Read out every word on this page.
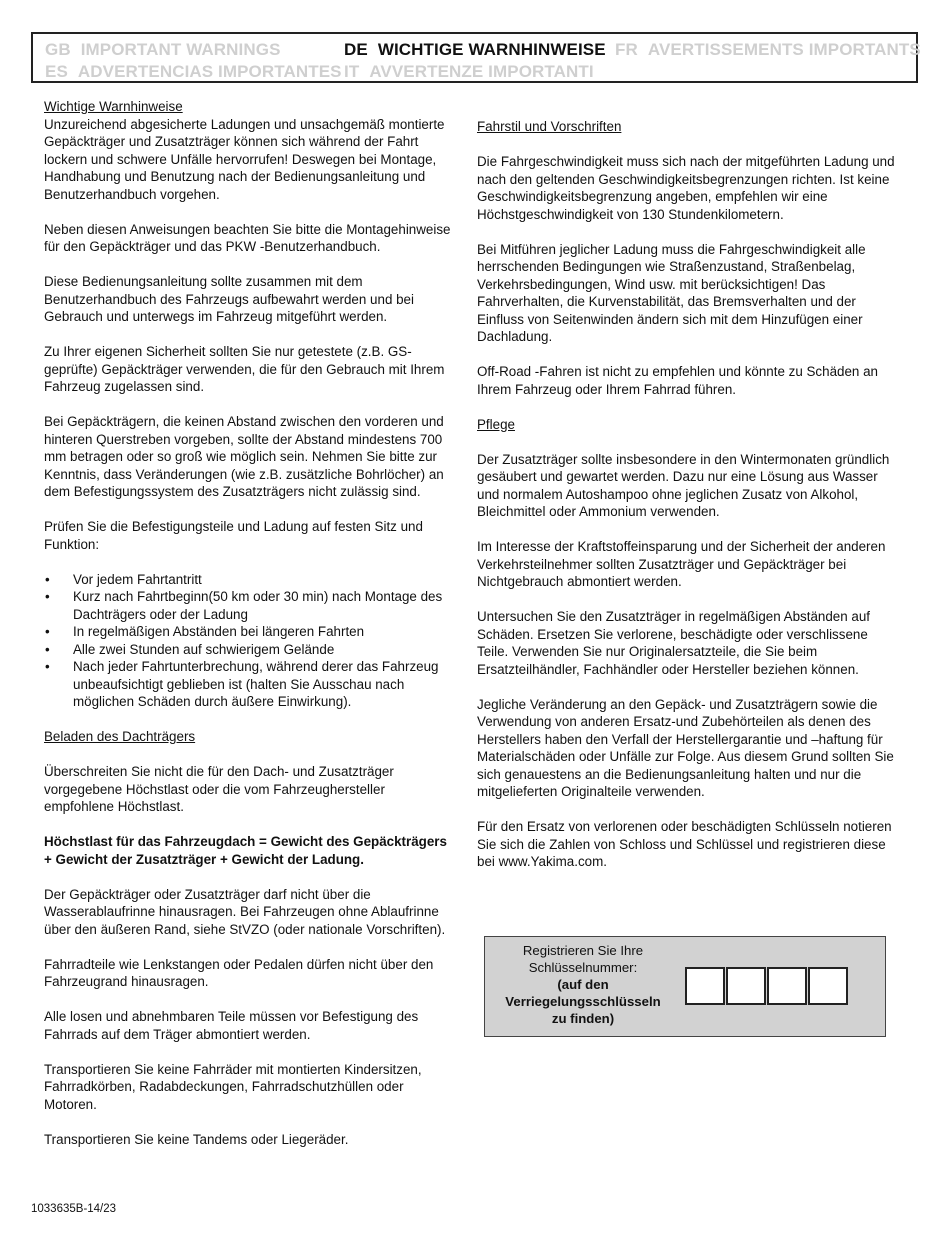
GB IMPORTANT WARNINGS	DE WICHTIGE WARNHINWEISE FR AVERTISSEMENTS IMPORTANTS
ES ADVERTENCIAS IMPORTANTES IT AVVERTENZE IMPORTANTI
Wichtige Warnhinweise

Unzureichend abgesicherte Ladungen und unsachgemäß montierte Gepäckträger und Zusatzträger können sich während der Fahrt lockern und schwere Unfälle hervorrufen! Deswegen bei Montage, Handhabung und Benutzung nach der Bedienungsanleitung und Benutzerhandbuch vorgehen.

Neben diesen Anweisungen beachten Sie bitte die Montagehinweise für den Gepäckträger und das PKW -Benutzerhandbuch.

Diese Bedienungsanleitung sollte zusammen mit dem Benutzerhandbuch des Fahrzeugs aufbewahrt werden und bei Gebrauch und unterwegs im Fahrzeug mitgeführt werden.

Zu Ihrer eigenen Sicherheit sollten Sie nur getestete (z.B. GS-geprüfte) Gepäckträger verwenden, die für den Gebrauch mit Ihrem Fahrzeug zugelassen sind.

Bei Gepäckträgern, die keinen Abstand zwischen den vorderen und hinteren Querstreben vorgeben, sollte der Abstand mindestens 700 mm betragen oder so groß wie möglich sein. Nehmen Sie bitte zur Kenntnis, dass Veränderungen (wie z.B. zusätzliche Bohrlöcher) an dem Befestigungssystem des Zusatzträgers nicht zulässig sind.

Prüfen Sie die Befestigungsteile und Ladung auf festen Sitz und Funktion:

•	Vor jedem Fahrtantritt
•	Kurz nach Fahrtbeginn(50 km oder 30 min) nach Montage des Dachträgers oder der Ladung
•	In regelmäßigen Abständen bei längeren Fahrten
•	Alle zwei Stunden auf schwierigem Gelände
•	Nach jeder Fahrtunterbrechung, während derer das Fahrzeug unbeaufsichtigt geblieben ist (halten Sie Ausschau nach möglichen Schäden durch äußere Einwirkung).
Beladen des Dachträgers

Überschreiten Sie nicht die für den Dach- und Zusatzträger vorgegebene Höchstlast oder die vom Fahrzeughersteller empfohlene Höchstlast.

Höchstlast für das Fahrzeugdach = Gewicht des Gepäckträgers + Gewicht der Zusatzträger + Gewicht der Ladung.

Der Gepäckträger oder Zusatzträger darf nicht über die Wasserablaufrinne hinausragen. Bei Fahrzeugen ohne Ablaufrinne über den äußeren Rand, siehe StVZO (oder nationale Vorschriften).

Fahrradteile wie Lenkstangen oder Pedalen dürfen nicht über den Fahrzeugrand hinausragen.

Alle losen und abnehmbaren Teile müssen vor Befestigung des Fahrrads auf dem Träger abmontiert werden.

Transportieren Sie keine Fahrräder mit montierten Kindersitzen, Fahrradkörben, Radabdeckungen, Fahrradschutzhüllen oder Motoren.

Transportieren Sie keine Tandems oder Liegeräder.

Fahrstil und Vorschriften

Die Fahrgeschwindigkeit muss sich nach der mitgeführten Ladung und nach den geltenden Geschwindigkeitsbegrenzungen richten. Ist keine Geschwindigkeitsbegrenzung angeben, empfehlen wir eine Höchstgeschwindigkeit von 130 Stundenkilometern.

Bei Mitführen jeglicher Ladung muss die Fahrgeschwindigkeit alle herrschenden Bedingungen wie Straßenzustand, Straßenbelag, Verkehrsbedingungen, Wind usw. mit berücksichtigen! Das Fahrverhalten, die Kurvenstabilität, das Bremsverhalten und der Einfluss von Seitenwinden ändern sich mit dem Hinzufügen einer Dachladung.

Off-Road -Fahren ist nicht zu empfehlen und könnte zu Schäden an Ihrem Fahrzeug oder Ihrem Fahrrad führen.

Pflege

Der Zusatzträger sollte insbesondere in den Wintermonaten gründlich gesäubert und gewartet werden. Dazu nur eine Lösung aus Wasser und normalem Autoshampoo ohne jeglichen Zusatz von Alkohol, Bleichmittel oder Ammonium verwenden.

Im Interesse der Kraftstoffeinsparung und der Sicherheit der anderen Verkehrsteilnehmer sollten Zusatzträger und Gepäckträger bei Nichtgebrauch abmontiert werden.

Untersuchen Sie den Zusatzträger in regelmäßigen Abständen auf Schäden. Ersetzen Sie verlorene, beschädigte oder verschlissene Teile. Verwenden Sie nur Originalersatzteile, die Sie beim Ersatzteilhändler, Fachhändler oder Hersteller beziehen können.

Jegliche Veränderung an den Gepäck- und Zusatzträgern sowie die Verwendung von anderen Ersatz-und Zubehörteilen als denen des Herstellers haben den Verfall der Herstellergarantie und –haftung für Materialschäden oder Unfälle zur Folge. Aus diesem Grund sollten Sie sich genauestens an die Bedienungsanleitung halten und nur die mitgelieferten Originalteile verwenden.

Für den Ersatz von verlorenen oder beschädigten Schlüsseln notieren Sie sich die Zahlen von Schloss und Schlüssel und registrieren diese bei www.Yakima.com.

Registrieren Sie Ihre
Schlüsselnummer:
(auf den
Verriegelungsschlüsseln
zu finden)
1033635B-14/23
